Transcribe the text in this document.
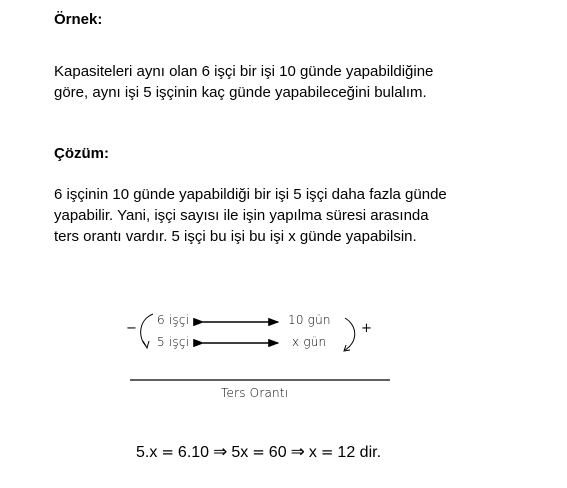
Örnek:

Kapasiteleri aynı olan 6 işçi bir işi 10 günde yapabildiğine
göre, aynı işi 5 işçinin kaç günde yapabileceğini bulalım.

Çözüm:

6 işçinin 10 günde yapabildiği bir işi 5 işçi daha fazla günde
yapabilir. Yani, işçi sayısı ile işin yapılma süresi arasında
ters orantı vardır. 5 işçi bu işi bu işi x günde yapabilsin.

−	+
6 işçi	10 gün
5 işçi	x gün
Ters Orantı

5.x = 6.10 ⇒ 5x = 60 ⇒ x = 12 dir.
